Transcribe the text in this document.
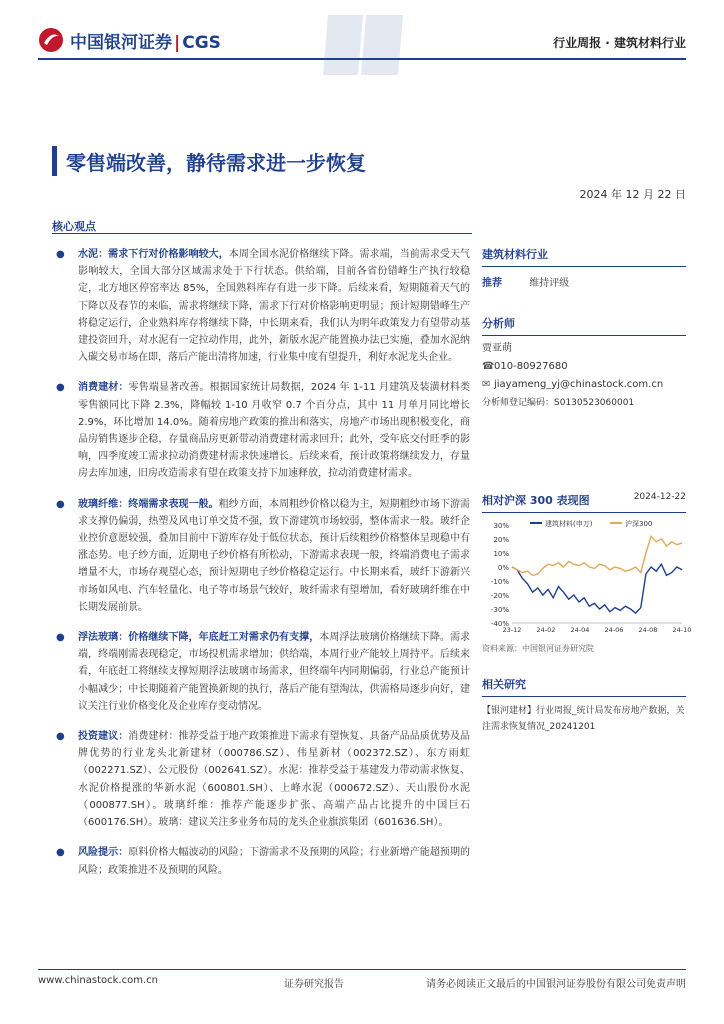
中国银河证券 | CGS	行业周报 · 建筑材料行业
零售端改善，静待需求进一步恢复
2024 年 12 月 22 日
核心观点
● 水泥：需求下行对价格影响较大，本周全国水泥价格继续下降。需求端，当前需求受天气影响较大，全国大部分区域需求处于下行状态。供给端，目前各省份错峰生产执行较稳定，北方地区停窑率达 85%，全国熟料库存有进一步下降。后续来看，短期随着天气的下降以及春节的来临，需求将继续下降，需求下行对价格影响更明显；预计短期错峰生产将稳定运行，企业熟料库存将继续下降，中长期来看，我们认为明年政策发力有望带动基建投资回升，对水泥有一定拉动作用，此外，新版水泥产能置换办法已实施，叠加水泥纳入碳交易市场在即，落后产能出清将加速，行业集中度有望提升，利好水泥龙头企业。
● 消费建材：零售端显著改善。根据国家统计局数据，2024 年 1-11 月建筑及装潢材料类零售额同比下降 2.3%，降幅较 1-10 月收窄 0.7 个百分点，其中 11 月单月同比增长 2.9%，环比增加 14.0%。随着房地产政策的推出和落实，房地产市场出现积极变化，商品房销售逐步企稳，存量商品房更新带动消费建材需求回升；此外，受年底交付旺季的影响，四季度竣工需求拉动消费建材需求快速增长。后续来看，预计政策将继续发力，存量房去库加速，旧房改造需求有望在政策支持下加速释放，拉动消费建材需求。
● 玻璃纤维：终端需求表现一般。粗纱方面，本周粗纱价格以稳为主，短期粗纱市场下游需求支撑仍偏弱，热塑及风电订单交货不强，致下游建筑市场较弱，整体需求一般。玻纤企业控价意愿较强，叠加目前中下游库存处于低位状态，预计后续粗纱价格整体呈现稳中有涨态势。电子纱方面，近期电子纱价格有所松动，下游需求表现一般，终端消费电子需求增量不大，市场存观望心态，预计短期电子纱价格稳定运行。中长期来看，玻纤下游新兴市场如风电、汽车轻量化、电子等市场景气较好，玻纤需求有望增加，看好玻璃纤维在中长期发展前景。
● 浮法玻璃：价格继续下降，年底赶工对需求仍有支撑，本周浮法玻璃价格继续下降。需求端，终端刚需表现稳定，市场投机需求增加；供给端，本周行业产能较上周持平。后续来看，年底赶工将继续支撑短期浮法玻璃市场需求，但终端年内同期偏弱，行业总产能预计小幅减少；中长期随着产能置换新规的执行，落后产能有望淘汰，供需格局逐步向好，建议关注行业价格变化及企业库存变动情况。
● 投资建议：消费建材：推荐受益于地产政策推进下需求有望恢复、具备产品品质优势及品牌优势的行业龙头北新建材（000786.SZ）、伟星新材（002372.SZ）、东方雨虹（002271.SZ）、公元股份（002641.SZ）。水泥：推荐受益于基建发力带动需求恢复、水泥价格提涨的华新水泥（600801.SH）、上峰水泥（000672.SZ）、天山股份水泥（000877.SH）。玻璃纤维：推荐产能逐步扩张、高端产品占比提升的中国巨石（600176.SH）。玻璃：建议关注多业务布局的龙头企业旗滨集团（601636.SH）。
● 风险提示：原料价格大幅波动的风险；下游需求不及预期的风险；行业新增产能超预期的风险；政策推进不及预期的风险。
建筑材料行业
推荐	维持评级
分析师
贾亚萌
☎010-80927680
✉ jiayameng_yj@chinastock.com.cn
分析师登记编码：S0130523060001
相对沪深 300 表现图	2024-12-22
30%
20%
10%
0%
-10%
-20%
-30%
-40%
23-12 24-02 24-04 24-06 24-08 24-10
建筑材料(申万)	沪深300
资料来源：中国银河证券研究院
相关研究
【银河建材】行业周报_统计局发布房地产数据，关注需求恢复情况_20241201
www.chinastock.com.cn	证券研究报告	请务必阅读正文最后的中国银河证券股份有限公司免责声明
